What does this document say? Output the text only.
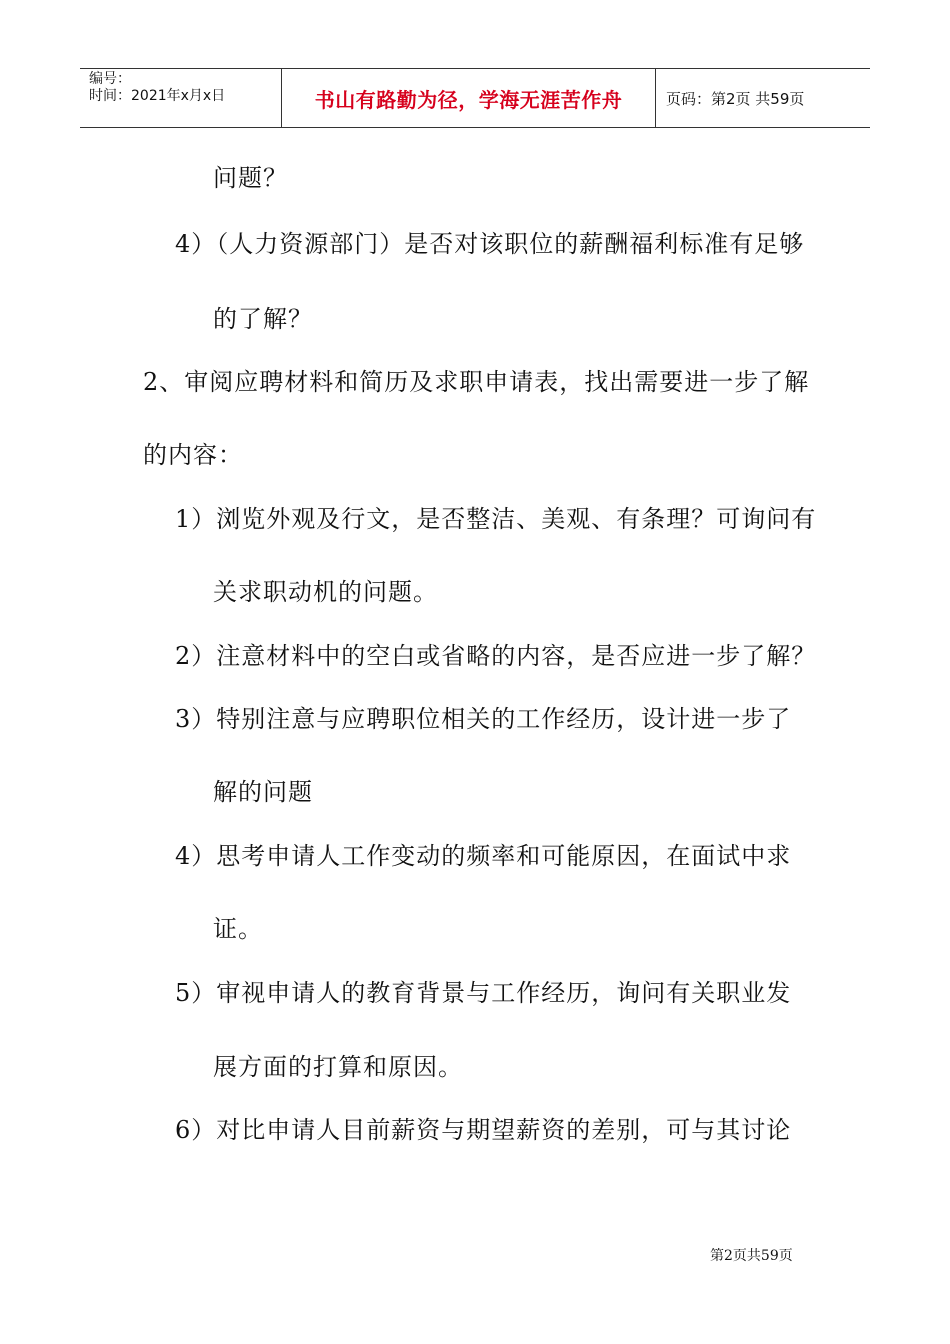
编号：
时间：2021年x月x日	书山有路勤为径，学海无涯苦作舟	页码：第2页 共59页
问题？
4）（人力资源部门）是否对该职位的薪酬福利标准有足够
的了解？
2、审阅应聘材料和简历及求职申请表，找出需要进一步了解
的内容：
1）浏览外观及行文，是否整洁、美观、有条理？可询问有
关求职动机的问题。
2）注意材料中的空白或省略的内容，是否应进一步了解？
3）特别注意与应聘职位相关的工作经历，设计进一步了
解的问题
4）思考申请人工作变动的频率和可能原因，在面试中求
证。
5）审视申请人的教育背景与工作经历，询问有关职业发
展方面的打算和原因。
6）对比申请人目前薪资与期望薪资的差别，可与其讨论
第2页共59页
